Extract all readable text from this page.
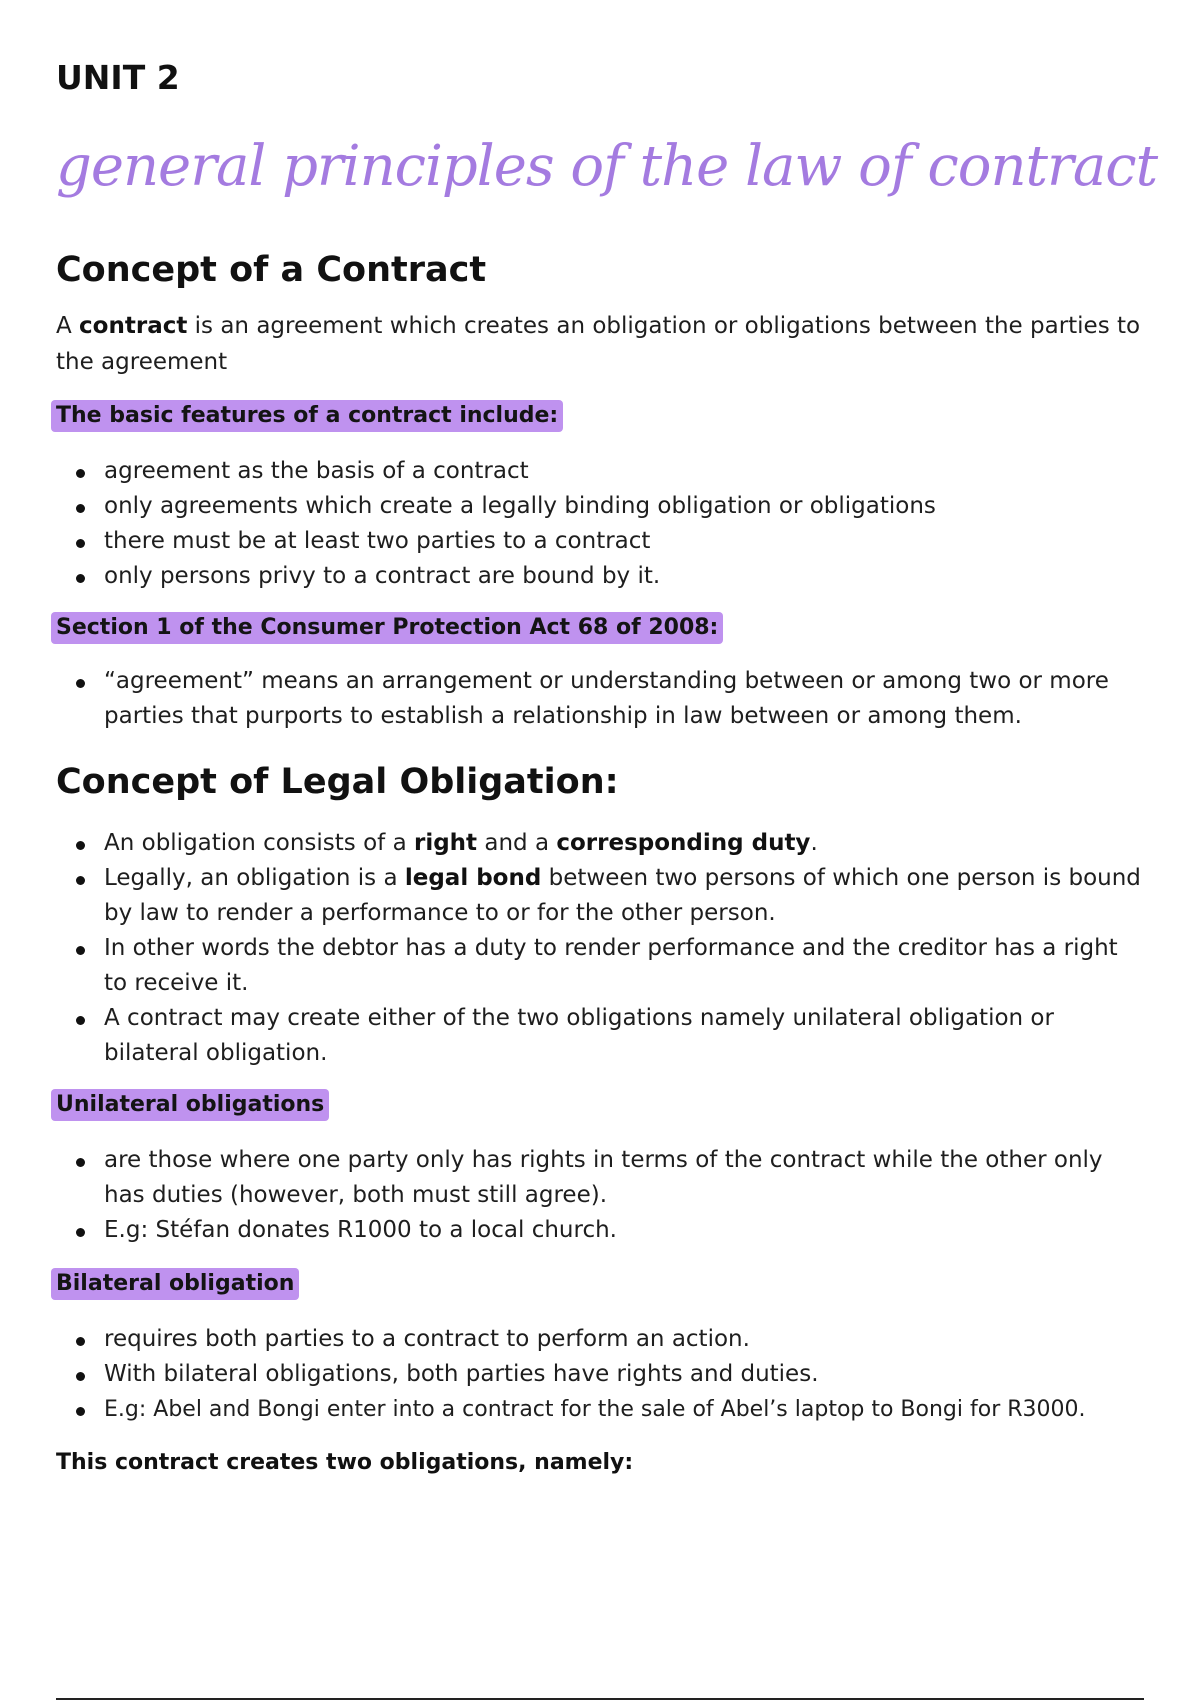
UNIT 2
general principles of the law of contract
Concept of a Contract

A contract is an agreement which creates an obligation or obligations between the parties to the agreement

The basic features of a contract include:
agreement as the basis of a contract
only agreements which create a legally binding obligation or obligations
there must be at least two parties to a contract
only persons privy to a contract are bound by it.
Section 1 of the Consumer Protection Act 68 of 2008:
“agreement” means an arrangement or understanding between or among two or more parties that purports to establish a relationship in law between or among them.
Concept of Legal Obligation:
An obligation consists of a right and a corresponding duty.
Legally, an obligation is a legal bond between two persons of which one person is bound by law to render a performance to or for the other person.
In other words the debtor has a duty to render performance and the creditor has a right to receive it.
A contract may create either of the two obligations namely unilateral obligation or bilateral obligation.
Unilateral obligations
are those where one party only has rights in terms of the contract while the other only has duties (however, both must still agree).
E.g: Stéfan donates R1000 to a local church.
Bilateral obligation
requires both parties to a contract to perform an action.
With bilateral obligations, both parties have rights and duties.
E.g: Abel and Bongi enter into a contract for the sale of Abel’s laptop to Bongi for R3000.

This contract creates two obligations, namely:
